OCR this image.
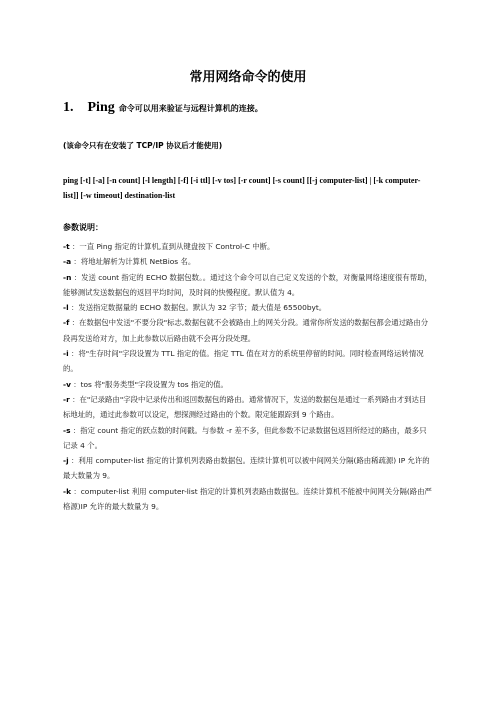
常用网络命令的使用
1. Ping 命令可以用来验证与远程计算机的连接。
(该命令只有在安装了 TCP/IP 协议后才能使用)
ping [-t] [-a] [-n count] [-l length] [-f] [-i ttl] [-v tos] [-r count] [-s count] [[-j computer-list] | [-k computer-list]] [-w timeout] destination-list
参数说明：
-t ：一直 Ping 指定的计算机,直到从键盘按下 Control-C 中断。
-a ：将地址解析为计算机 NetBios 名。
-n ：发送 count 指定的 ECHO 数据包数。。通过这个命令可以自己定义发送的个数，对衡量网络速度很有帮助，能够测试发送数据包的返回平均时间，及时间的快慢程度。默认值为 4。
-l ：发送指定数据量的 ECHO 数据包。默认为 32 字节；最大值是 65500byt。
-f ：在数据包中发送"不要分段"标志,数据包就不会被路由上的网关分段。通常你所发送的数据包都会通过路由分段再发送给对方，加上此参数以后路由就不会再分段处理。
-i ：将"生存时间"字段设置为 TTL 指定的值。指定 TTL 值在对方的系统里停留的时间。同时检查网络运转情况的。
-v ：tos 将"服务类型"字段设置为 tos 指定的值。
-r ：在"记录路由"字段中记录传出和返回数据包的路由。通常情况下，发送的数据包是通过一系列路由才到达目标地址的，通过此参数可以设定，想探测经过路由的个数。限定能跟踪到 9 个路由。
-s ：指定 count 指定的跃点数的时间戳。与参数 -r 差不多，但此参数不记录数据包返回所经过的路由，最多只记录 4 个。
-j ：利用 computer-list 指定的计算机列表路由数据包。连续计算机可以被中间网关分隔(路由稀疏源) IP 允许的最大数量为 9。
-k ：computer-list 利用 computer-list 指定的计算机列表路由数据包。连续计算机不能被中间网关分隔(路由严格源)IP 允许的最大数量为 9。
